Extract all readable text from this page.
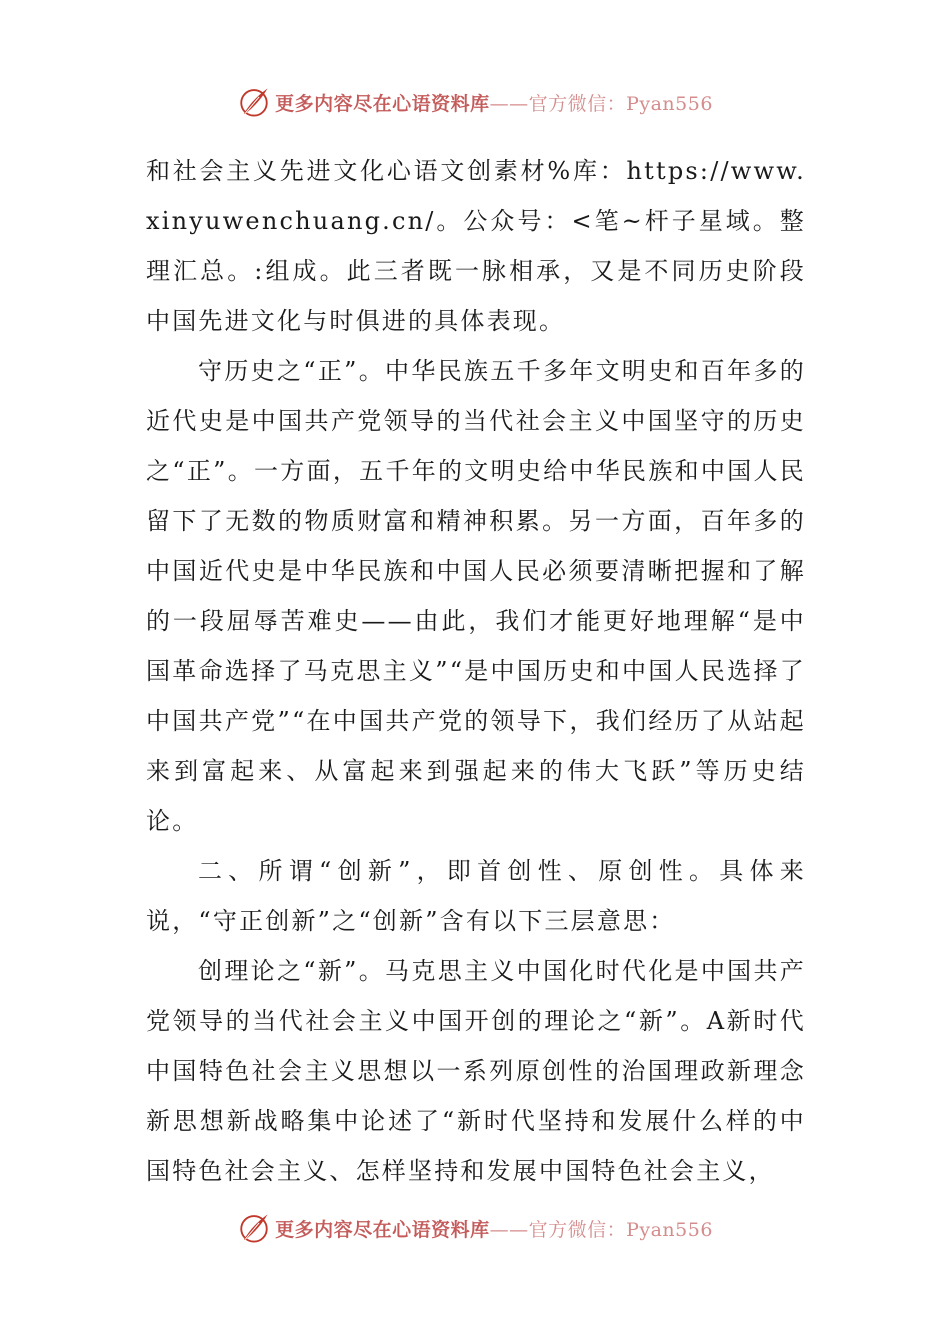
更多内容尽在心语资料库——官方微信：Pyan556

和社会主义先进文化心语文创素材%库：https://www.xinyuwenchuang.cn/。公众号：<笔~杆子星域。整理汇总。:组成。此三者既一脉相承，又是不同历史阶段中国先进文化与时俱进的具体表现。

守历史之“正”。中华民族五千多年文明史和百年多的近代史是中国共产党领导的当代社会主义中国坚守的历史之“正”。一方面，五千年的文明史给中华民族和中国人民留下了无数的物质财富和精神积累。另一方面，百年多的中国近代史是中华民族和中国人民必须要清晰把握和了解的一段屈辱苦难史——由此，我们才能更好地理解“是中国革命选择了马克思主义”“是中国历史和中国人民选择了中国共产党”“在中国共产党的领导下，我们经历了从站起来到富起来、从富起来到强起来的伟大飞跃”等历史结论。

二、所谓“创新”，即首创性、原创性。具体来说，“守正创新”之“创新”含有以下三层意思：

创理论之“新”。马克思主义中国化时代化是中国共产党领导的当代社会主义中国开创的理论之“新”。A新时代中国特色社会主义思想以一系列原创性的治国理政新理念新思想新战略集中论述了“新时代坚持和发展什么样的中国特色社会主义、怎样坚持和发展中国特色社会主义，

更多内容尽在心语资料库——官方微信：Pyan556
